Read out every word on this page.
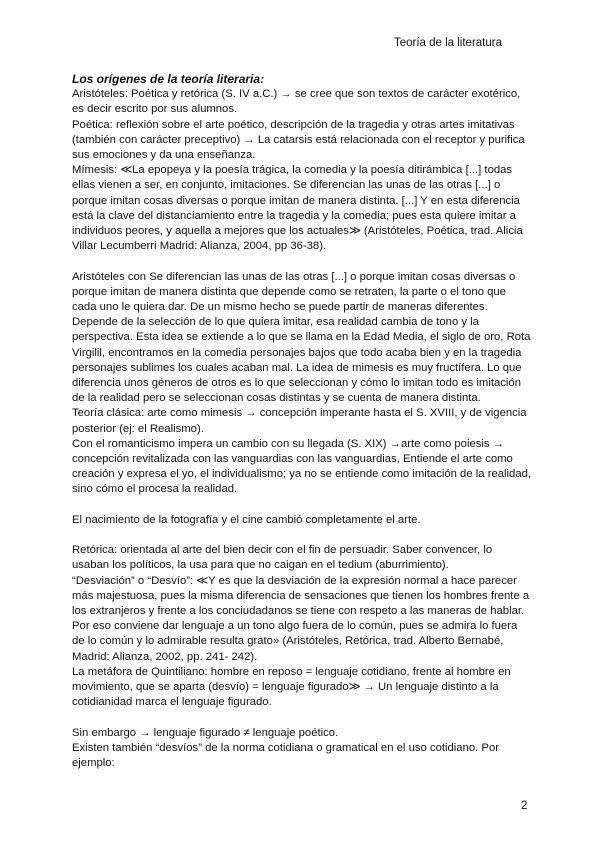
Teoría de la literatura

Los orígenes de la teoría literaria:

Aristóteles: Poética y retórica (S. IV a.C.) → se cree que son textos de carácter exotérico, es decir escrito por sus alumnos.

Poética: reflexión sobre el arte poético, descripción de la tragedia y otras artes imitativas (también con carácter preceptivo) → La catarsis está relacionada con el receptor y purifica sus emociones y da una enseñanza.

Mímesis: ≪La epopeya y la poesía trágica, la comedia y la poesía ditirámbica [...] todas ellas vienen a ser, en conjunto, imitaciones. Se diferencian las unas de las otras [...] o porque imitan cosas diversas o porque imitan de manera distinta. [...] Y en esta diferencia está la clave del distanciamiento entre la tragedia y la comedia; pues esta quiere imitar a individuos peores, y aquella a mejores que los actuales≫ (Aristóteles, Poética, trad. Alicia Villar Lecumberri Madrid: Alianza, 2004, pp 36-38).

Aristóteles con Se diferencian las unas de las otras [...] o porque imitan cosas diversas o porque imitan de manera distinta que depende como se retraten, la parte o el tono que cada uno le quiera dar. De un mismo hecho se puede partir de maneras diferentes. Depende de la selección de lo que quiera imitar, esa realidad cambia de tono y la perspectiva. Esta idea se extiende a lo que se llama en la Edad Media, el siglo de oro, Rota Virgilil, encontramos en la comedia personajes bajos que todo acaba bien y en la tragedia personajes sublimes los cuales acaban mal. La idea de mimesis es muy fructífera. Lo que diferencia unos géneros de otros es lo que seleccionan y cómo lo imitan todo es imitación de la realidad pero se seleccionan cosas distintas y se cuenta de manera distinta.

Teoría clásica: arte como mimesis → concepción imperante hasta el S. XVIII, y de vigencia posterior (ej: el Realismo).

Con el romanticismo impera un cambio con su llegada (S. XIX) →arte como poiesis → concepción revitalizada con las vanguardias con las vanguardias, Entiende el arte como creación y expresa el yo, el individualismo; ya no se entiende como imitación de la realidad, sino cómo el procesa la realidad.

El nacimiento de la fotografía y el cine cambió completamente el arte.

Retórica: orientada al arte del bien decir con el fin de persuadir. Saber convencer, lo usaban los políticos, la usa para que no caigan en el tedium (aburrimiento).

“Desviación” o “Desvío”: ≪Y es que la desviación de la expresión normal a hace parecer más majestuosa, pues la misma diferencia de sensaciones que tienen los hombres frente a los extranjeros y frente a los conciudadanos se tiene con respeto a las maneras de hablar. Por eso conviene dar lenguaje a un tono algo fuera de lo común, pues se admira lo fuera de lo común y lo admirable resulta grato» (Aristóteles, Retórica, trad. Alberto Bernabé, Madrid: Alianza, 2002, pp. 241- 242).

La metáfora de Quintiliano: hombre en reposo = lenguaje cotidiano, frente al hombre en movimiento, que se aparta (desvío) = lenguaje figurado≫ → Un lenguaje distinto a la cotidianidad marca el lenguaje figurado.

Sin embargo → lenguaje figurado ≠ lenguaje poético.

Existen también “desvíos” de la norma cotidiana o gramatical en el uso cotidiano. Por ejemplo:

2
